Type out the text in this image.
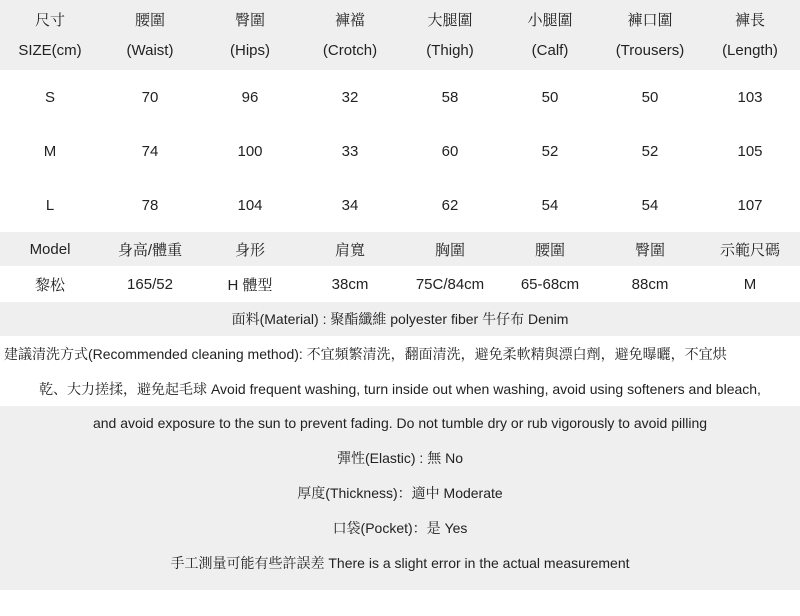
尺寸	腰圍	臀圍	褲襠	大腿圍	小腿圍	褲口圍	褲長
SIZE(cm)	(Waist)	(Hips)	(Crotch)	(Thigh)	(Calf)	(Trousers)	(Length)
S	70	96	32	58	50	50	103
M	74	100	33	60	52	52	105
L	78	104	34	62	54	54	107
Model	身高/體重	身形	肩寬	胸圍	腰圍	臀圍	示範尺碼
黎松	165/52	H 體型	38cm	75C/84cm	65-68cm	88cm	M
面料(Material) : 聚酯纖維 polyester fiber 牛仔布 Denim
建議清洗方式(Recommended cleaning method): 不宜頻繁清洗，翻面清洗，避免柔軟精與漂白劑，避免曝曬，不宜烘
乾、大力搓揉，避免起毛球 Avoid frequent washing, turn inside out when washing, avoid using softeners and bleach,
and avoid exposure to the sun to prevent fading. Do not tumble dry or rub vigorously to avoid pilling
彈性(Elastic) : 無 No
厚度(Thickness)：適中 Moderate
口袋(Pocket)：是 Yes
手工測量可能有些許誤差 There is a slight error in the actual measurement
